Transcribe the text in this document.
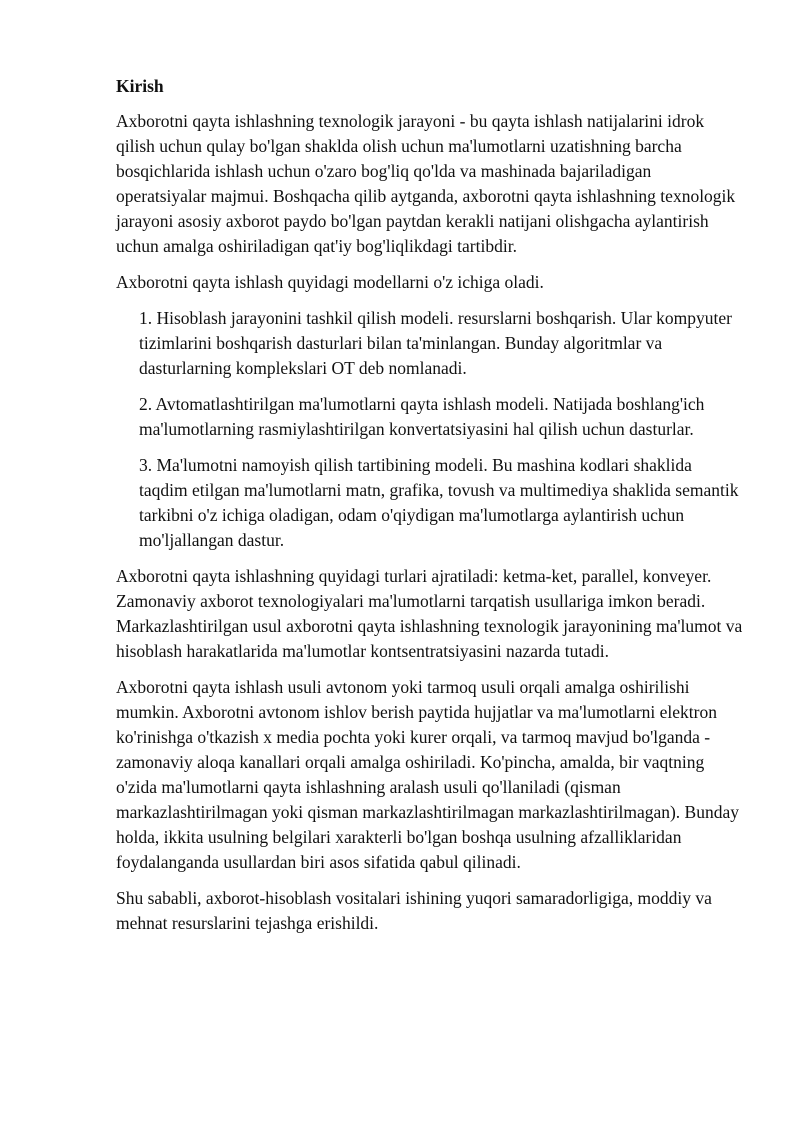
Kirish

Axborotni qayta ishlashning texnologik jarayoni - bu qayta ishlash natijalarini idrok qilish uchun qulay bo'lgan shaklda olish uchun ma'lumotlarni uzatishning barcha bosqichlarida ishlash uchun o'zaro bog'liq qo'lda va mashinada bajariladigan operatsiyalar majmui. Boshqacha qilib aytganda, axborotni qayta ishlashning texnologik jarayoni asosiy axborot paydo bo'lgan paytdan kerakli natijani olishgacha aylantirish uchun amalga oshiriladigan qat'iy bog'liqlikdagi tartibdir.

Axborotni qayta ishlash quyidagi modellarni o'z ichiga oladi.

1. Hisoblash jarayonini tashkil qilish modeli. resurslarni boshqarish. Ular kompyuter tizimlarini boshqarish dasturlari bilan ta'minlangan. Bunday algoritmlar va dasturlarning komplekslari OT deb nomlanadi.
2. Avtomatlashtirilgan ma'lumotlarni qayta ishlash modeli. Natijada boshlang'ich ma'lumotlarning rasmiylashtirilgan konvertatsiyasini hal qilish uchun dasturlar.
3. Ma'lumotni namoyish qilish tartibining modeli. Bu mashina kodlari shaklida taqdim etilgan ma'lumotlarni matn, grafika, tovush va multimediya shaklida semantik tarkibni o'z ichiga oladigan, odam o'qiydigan ma'lumotlarga aylantirish uchun mo'ljallangan dastur.

Axborotni qayta ishlashning quyidagi turlari ajratiladi: ketma-ket, parallel, konveyer. Zamonaviy axborot texnologiyalari ma'lumotlarni tarqatish usullariga imkon beradi. Markazlashtirilgan usul axborotni qayta ishlashning texnologik jarayonining ma'lumot va hisoblash harakatlarida ma'lumotlar kontsentratsiyasini nazarda tutadi.

Axborotni qayta ishlash usuli avtonom yoki tarmoq usuli orqali amalga oshirilishi mumkin. Axborotni avtonom ishlov berish paytida hujjatlar va ma'lumotlarni elektron ko'rinishga o'tkazish x media pochta yoki kurer orqali, va tarmoq mavjud bo'lganda - zamonaviy aloqa kanallari orqali amalga oshiriladi. Ko'pincha, amalda, bir vaqtning o'zida ma'lumotlarni qayta ishlashning aralash usuli qo'llaniladi (qisman markazlashtirilmagan yoki qisman markazlashtirilmagan markazlashtirilmagan). Bunday holda, ikkita usulning belgilari xarakterli bo'lgan boshqa usulning afzalliklaridan foydalanganda usullardan biri asos sifatida qabul qilinadi.

Shu sababli, axborot-hisoblash vositalari ishining yuqori samaradorligiga, moddiy va mehnat resurslarini tejashga erishildi.
